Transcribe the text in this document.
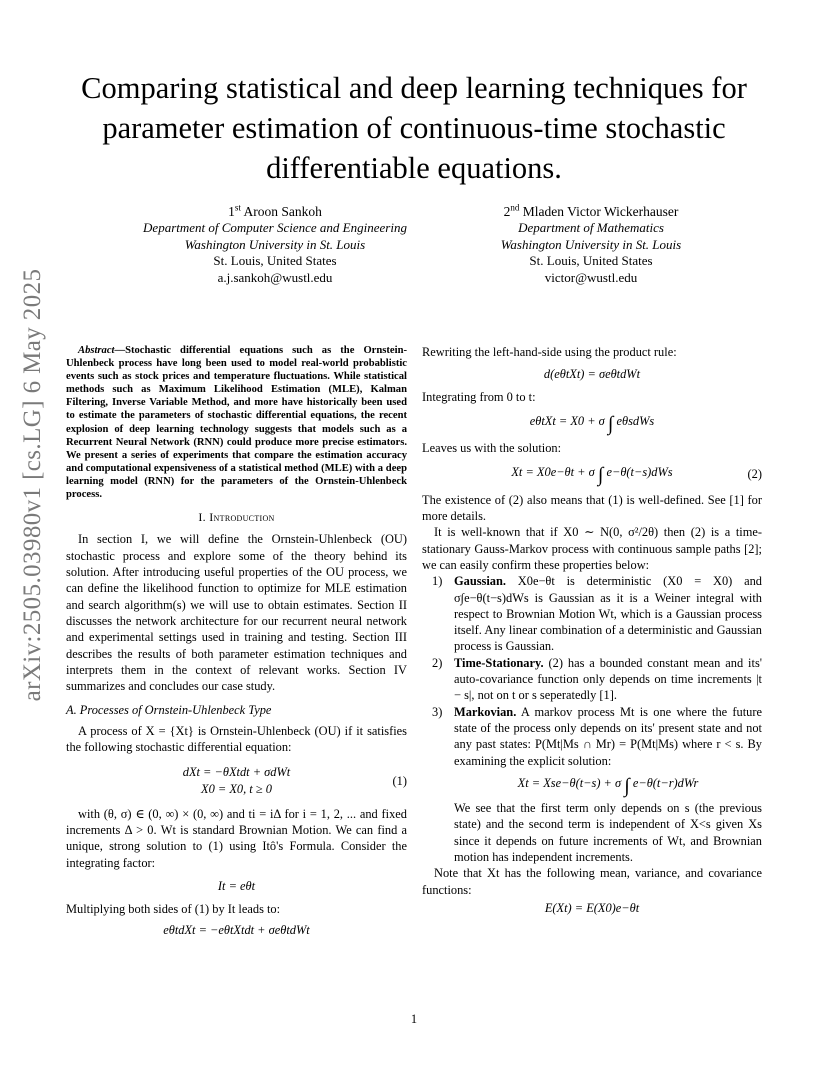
Comparing statistical and deep learning techniques for parameter estimation of continuous-time stochastic differentiable equations.
1st Aroon Sankoh
Department of Computer Science and Engineering
Washington University in St. Louis
St. Louis, United States
a.j.sankoh@wustl.edu
2nd Mladen Victor Wickerhauser
Department of Mathematics
Washington University in St. Louis
St. Louis, United States
victor@wustl.edu
arXiv:2505.03980v1 [cs.LG] 6 May 2025	Abstract—Stochastic differential equations such as the Ornstein-Uhlenbeck process have long been used to model real-world probablistic events such as stock prices and temperature fluctuations. While statistical methods such as Maximum Likelihood Estimation (MLE), Kalman Filtering, Inverse Variable Method, and more have historically been used to estimate the parameters of stochastic differential equations, the recent explosion of deep learning technology suggests that models such as a Recurrent Neural Network (RNN) could produce more precise estimators. We present a series of experiments that compare the estimation accuracy and computational expensiveness of a statistical method (MLE) with a deep learning model (RNN) for the parameters of the Ornstein-Uhlenbeck process.

I. Introduction

In section I, we will define the Ornstein-Uhlenbeck (OU) stochastic process and explore some of the theory behind its solution. After introducing useful properties of the OU process, we can define the likelihood function to optimize for MLE estimation and search algorithm(s) we will use to obtain estimates. Section II discusses the network architecture for our recurrent neural network and experimental settings used in training and testing. Section III describes the results of both parameter estimation techniques and interprets them in the context of relevant works. Section IV summarizes and concludes our case study.

A. Processes of Ornstein-Uhlenbeck Type

A process of X = {Xt} is Ornstein-Uhlenbeck (OU) if it satisfies the following stochastic differential equation:

dXt = −θXtdt + σdWt
X0 = X0, t ≥ 0
(1)

with (θ, σ) ∈ (0, ∞) × (0, ∞) and ti = iΔ for i = 1, 2, ... and fixed increments Δ > 0. Wt is standard Brownian Motion. We can find a unique, strong solution to (1) using Itô's Formula. Consider the integrating factor:

It = eθt

Multiplying both sides of (1) by It leads to:

eθtdXt = −eθtXtdt + σeθtdWt

Rewriting the left-hand-side using the product rule:

d(eθtXt) = σeθtdWt

Integrating from 0 to t:

eθtXt = X0 + σ ∫ eθsdWs

Leaves us with the solution:

Xt = X0e−θt + σ ∫ e−θ(t−s)dWs	(2)

The existence of (2) also means that (1) is well-defined. See [1] for more details.

It is well-known that if X0 ∼ N(0, σ²/2θ) then (2) is a time-stationary Gauss-Markov process with continuous sample paths [2]; we can easily confirm these properties below:

1) Gaussian. X0e−θt is deterministic (X0 = X0) and σ∫e−θ(t−s)dWs is Gaussian as it is a Weiner integral with respect to Brownian Motion Wt, which is a Gaussian process itself. Any linear combination of a deterministic and Gaussian process is Gaussian.
2) Time-Stationary. (2) has a bounded constant mean and its' auto-covariance function only depends on time increments |t − s|, not on t or s seperatedly [1].
3) Markovian. A markov process Mt is one where the future state of the process only depends on its' present state and not any past states: P(Mt|Ms ∩ Mr) = P(Mt|Ms) where r < s. By examining the explicit solution:
Xt = Xse−θ(t−s) + σ ∫ e−θ(t−r)dWr

We see that the first term only depends on s (the previous state) and the second term is independent of X<s given Xs since it depends on future increments of Wt, and Brownian motion has independent increments.

Note that Xt has the following mean, variance, and covariance functions:

E(Xt) = E(X0)e−θt
1
